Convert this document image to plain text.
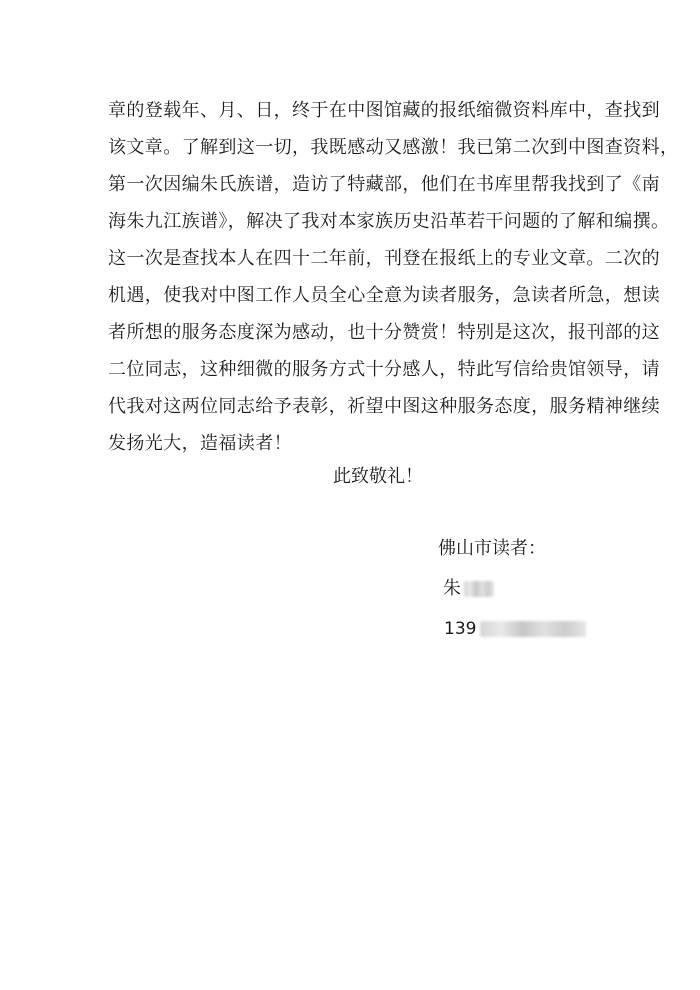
章的登载年、月、日，终于在中图馆藏的报纸缩微资料库中，查找到
该文章。了解到这一切，我既感动又感激！我已第二次到中图查资料，
第一次因编朱氏族谱，造访了特藏部，他们在书库里帮我找到了《南
海朱九江族谱》，解决了我对本家族历史沿革若干问题的了解和编撰。
这一次是查找本人在四十二年前，刊登在报纸上的专业文章。二次的
机遇，使我对中图工作人员全心全意为读者服务，急读者所急，想读
者所想的服务态度深为感动，也十分赞赏！特别是这次，报刊部的这
二位同志，这种细微的服务方式十分感人，特此写信给贵馆领导，请
代我对这两位同志给予表彰，祈望中图这种服务态度，服务精神继续
发扬光大，造福读者！
此致敬礼！
佛山市读者：
朱
139
